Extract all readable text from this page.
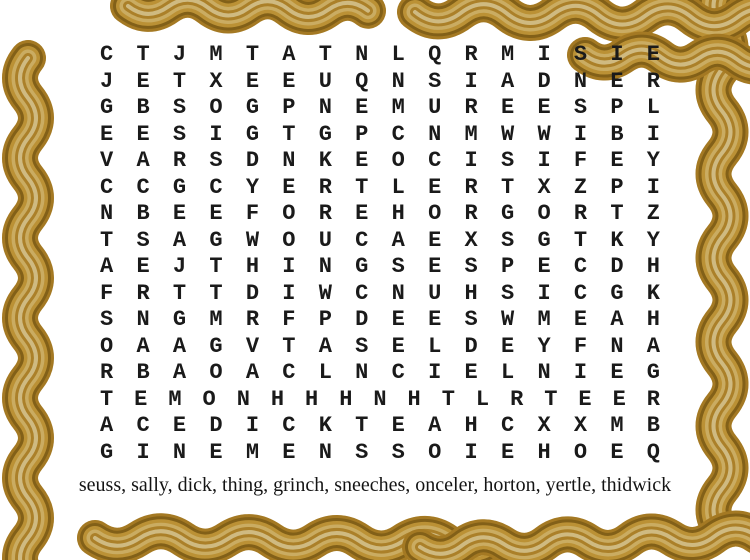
C T J M T A T N L Q R M I S I E
J E T X E E U Q N S I A D N E R
G B S O G P N E M U R E E S P L
E E S I G T G P C N M W W I B I
V A R S D N K E O C I S I F E Y
C C G C Y E R T L E R T X Z P I
N B E E F O R E H O R G O R T Z
T S A G W O U C A E X S G T K Y
A E J T H I N G S E S P E C D H
F R T T D I W C N U H S I C G K
S N G M R F P D E E S W M E A H
O A A G V T A S E L D E Y F N A
R B A O A C L N C I E L N I E G
T E M O N H H H N H T L R T E E R
A C E D I C K T E A H C X X M B
G I N E M E N S S O I E H O E Q
seuss, sally, dick, thing, grinch, sneeches, onceler, horton, yertle, thidwick
